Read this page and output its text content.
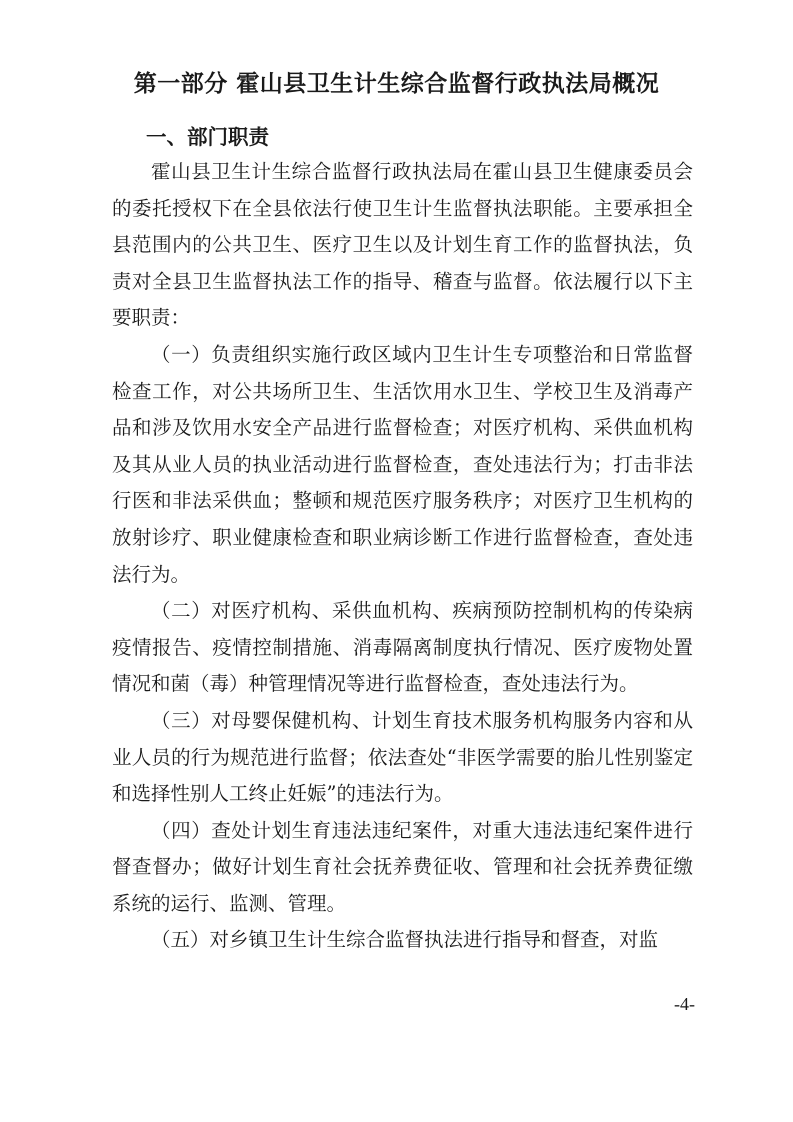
第一部分 霍山县卫生计生综合监督行政执法局概况
一、部门职责

霍山县卫生计生综合监督行政执法局在霍山县卫生健康委员会的委托授权下在全县依法行使卫生计生监督执法职能。主要承担全县范围内的公共卫生、医疗卫生以及计划生育工作的监督执法，负责对全县卫生监督执法工作的指导、稽查与监督。依法履行以下主要职责：

（一）负责组织实施行政区域内卫生计生专项整治和日常监督检查工作，对公共场所卫生、生活饮用水卫生、学校卫生及消毒产品和涉及饮用水安全产品进行监督检查；对医疗机构、采供血机构及其从业人员的执业活动进行监督检查，查处违法行为；打击非法行医和非法采供血；整顿和规范医疗服务秩序；对医疗卫生机构的放射诊疗、职业健康检查和职业病诊断工作进行监督检查，查处违法行为。

（二）对医疗机构、采供血机构、疾病预防控制机构的传染病疫情报告、疫情控制措施、消毒隔离制度执行情况、医疗废物处置情况和菌（毒）种管理情况等进行监督检查，查处违法行为。

（三）对母婴保健机构、计划生育技术服务机构服务内容和从业人员的行为规范进行监督；依法查处“非医学需要的胎儿性别鉴定和选择性别人工终止妊娠”的违法行为。

（四）查处计划生育违法违纪案件，对重大违法违纪案件进行督查督办；做好计划生育社会抚养费征收、管理和社会抚养费征缴系统的运行、监测、管理。

（五）对乡镇卫生计生综合监督执法进行指导和督查，对监

-4-
